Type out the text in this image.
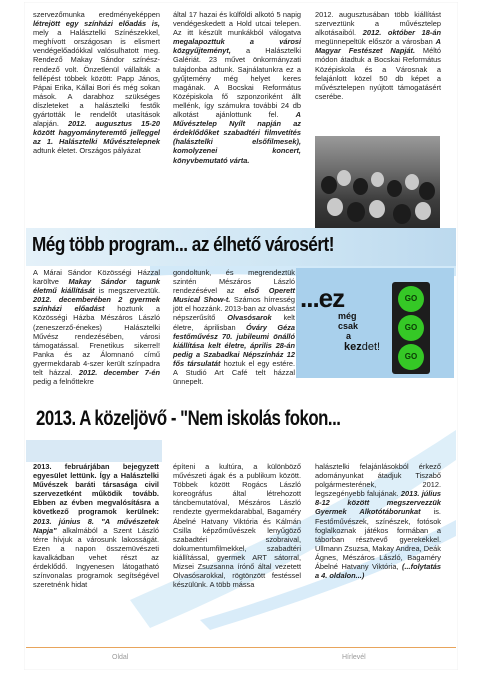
szervezőmunka eredményeképpen létrejött egy színházi előadás is, mely a Halásztelki Színészekkel, meghívott országosan is elismert vendégelőadókkal valósulhatott meg. Rendező Makay Sándor színész-rendező volt. Önzetlenül vállalták a fellépést többek között: Papp János, Pápai Erika, Kállai Bori és még sokan mások. A darabhoz szükséges díszleteket a halásztelki festők gyártották le rendelőt utasítások alapján. 2012. augusztus 15-20 között hagyományteremtő jelleggel az 1. Halásztelki Művésztelepnek adtunk életet. Országos pályázat

által 17 hazai és külföldi alkotó 5 napig vendégeskedett a Hold utcai telepen. Az itt készült munkákból válogatva megalapozttuk a városi közgyűjteményt, a Halásztelki Galériát. 23 művet önkormányzati tulajdonba adtunk. Sajnálatunkra ez a gyűjtemény még helyet keres magának. A Bocskai Református Középiskola fő szponzoriként állt mellénk, így számukra további 24 db alkotást ajánlottunk fel. A Művésztelep Nyílt napján az érdeklődőket szabadtéri filmvetítés (halásztelki elsőfilmesek), komolyzenei koncert, könyvbemutató várta.

2012. augusztusában több kiállítást szerveztünk a művésztelep alkotásaiból. 2012. október 18-án megünnepeltük először a városban A Magyar Festészet Napját. Méltó módon átadtuk a Bocskai Református Középiskola és a Városnak a felajánlott közel 50 db képet a művésztelepen nyújtott támogatásért cserébe.

Még több program... az élhető városért!

A Márai Sándor Közösségi Házzal karöltve Makay Sándor tagunk életmű kiállítását is megszerveztük. 2012. decemberében 2 gyermek színházi előadást hoztunk a Közösségi Házba Mészáros László (zeneszerző-énekes) Halásztelki Művész rendezésében, városi támogatással. Frenetikus sikerrel! Panka és az Álomnanó című gyermekdarab 4-szer került színpadra telt házzal. 2012. december 7-én pedig a felnőttekre

gondoltunk, és megrendeztük szintén Mészáros László rendezésével az első Operett Musical Show-t. Számos hírresség jött el hozzánk. 2013-ban az olvasást népszerűsítő Olvasósarok kelt életre, áprilisban Óváry Géza festőművész 70. jubileumi önálló kiállítása kelt életre, április 28-án pedig a Szabadkai Népszínház 12 fős társulatát hoztuk el egy estére. A Studió Art Café telt házzal ünnepelt.

...ez
még
csak
a
kezdet!
GO
GO
GO
2013. A közeljövő - "Nem iskolás fokon...

2013. februárjában bejegyzett egyesület lettünk. Így a Halásztelki Művészek baráti társasága civil szervezetként működik tovább. Ebben az évben megvalósításra a következő programok kerülnek: 2013. június 8. "A művészetek Napja" alkalmából a Szent László térre hívjuk a városunk lakosságát. Ezen a napon összemüvészeti kavalkádban vehet részt az érdeklődő. Ingyenesen látogatható színvonalas programok segítségével szeretnénk hidat

építeni a kultúra, a különböző művészeti ágak és a publikum között. Többek között Rogács László koreográfus által létrehozott táncbemutatóval, Mészáros László rendezte gyermekdarabbal, Bagaméry Ábelné Hatvany Viktória és Kálmán Csilla képzőművészek lenyűgöző szabadtéri szobraival, dokumentumfilmekkel, szabadtéri kiállítással, gyermek ART sátorral, Mizsei Zsuzsanna írónő által vezetett Olvasósarokkal, rögtönzött festéssel készülünk. A több mássa

halásztelki felajánlásokból érkező adományunkat átadjuk Tiszabő polgármesterének, 2012. legszegényebb falujának. 2013. július 8-12 között megszervezzük Gyermek Alkotótáborunkat is. Festőművészek, színészek, fotósok foglalkoznak játékos formában a táborban résztvevő gyerekekkel. Ullmann Zsuzsa, Makay Andrea, Deák Ágnes, Mészáros László, Bagaméry Ábelné Hatvany Viktória, (...folytatás a 4. oldalon...)

Oldal	Hírlevél
